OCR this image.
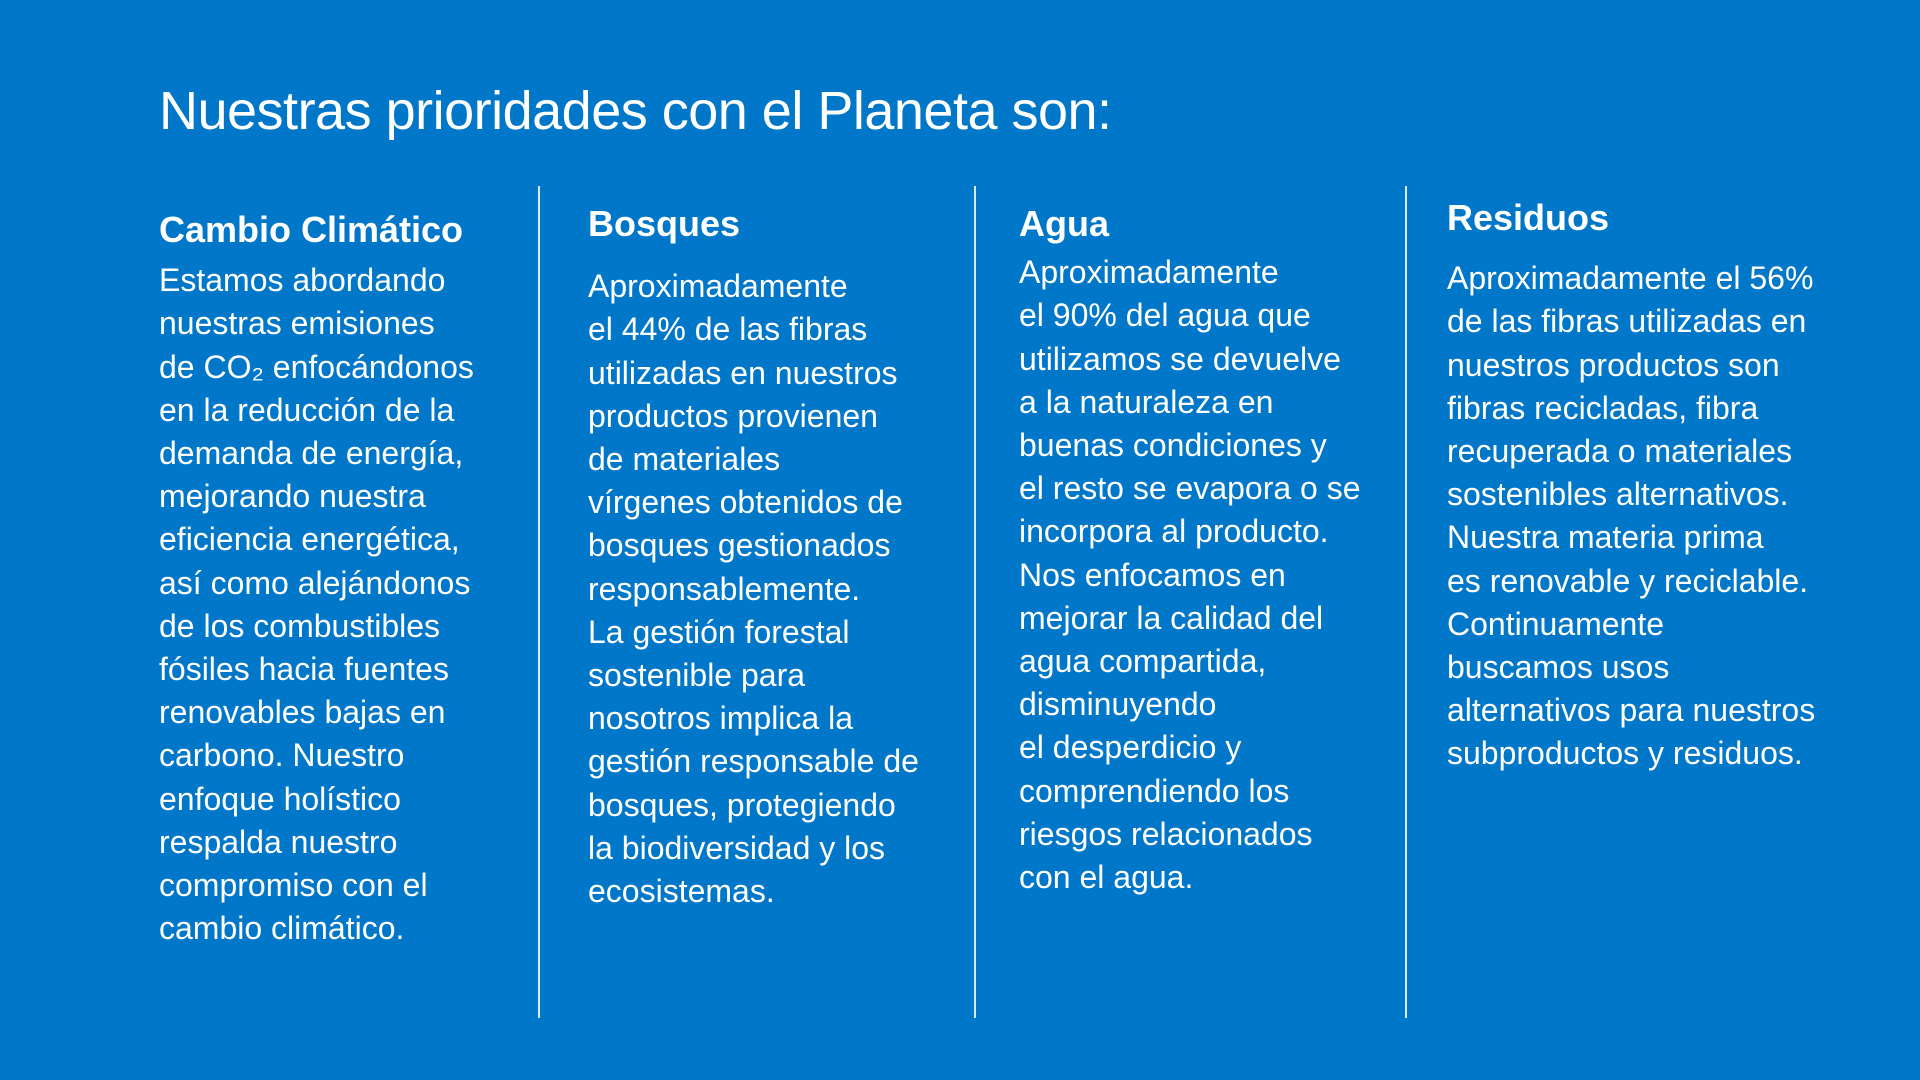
Nuestras prioridades con el Planeta son:
Cambio Climático

Estamos abordando
nuestras emisiones
de CO₂ enfocándonos
en la reducción de la
demanda de energía,
mejorando nuestra
eficiencia energética,
así como alejándonos
de los combustibles
fósiles hacia fuentes
renovables bajas en
carbono. Nuestro
enfoque holístico
respalda nuestro
compromiso con el
cambio climático.

Bosques

Aproximadamente
el 44% de las fibras
utilizadas en nuestros
productos provienen
de materiales
vírgenes obtenidos de
bosques gestionados
responsablemente.
La gestión forestal
sostenible para
nosotros implica la
gestión responsable de
bosques, protegiendo
la biodiversidad y los
ecosistemas.

Agua

Aproximadamente
el 90% del agua que
utilizamos se devuelve
a la naturaleza en
buenas condiciones y
el resto se evapora o se
incorpora al producto.
Nos enfocamos en
mejorar la calidad del
agua compartida,
disminuyendo
el desperdicio y
comprendiendo los
riesgos relacionados
con el agua.

Residuos

Aproximadamente el 56%
de las fibras utilizadas en
nuestros productos son
fibras recicladas, fibra
recuperada o materiales
sostenibles alternativos.
Nuestra materia prima
es renovable y reciclable.
Continuamente
buscamos usos
alternativos para nuestros
subproductos y residuos.
